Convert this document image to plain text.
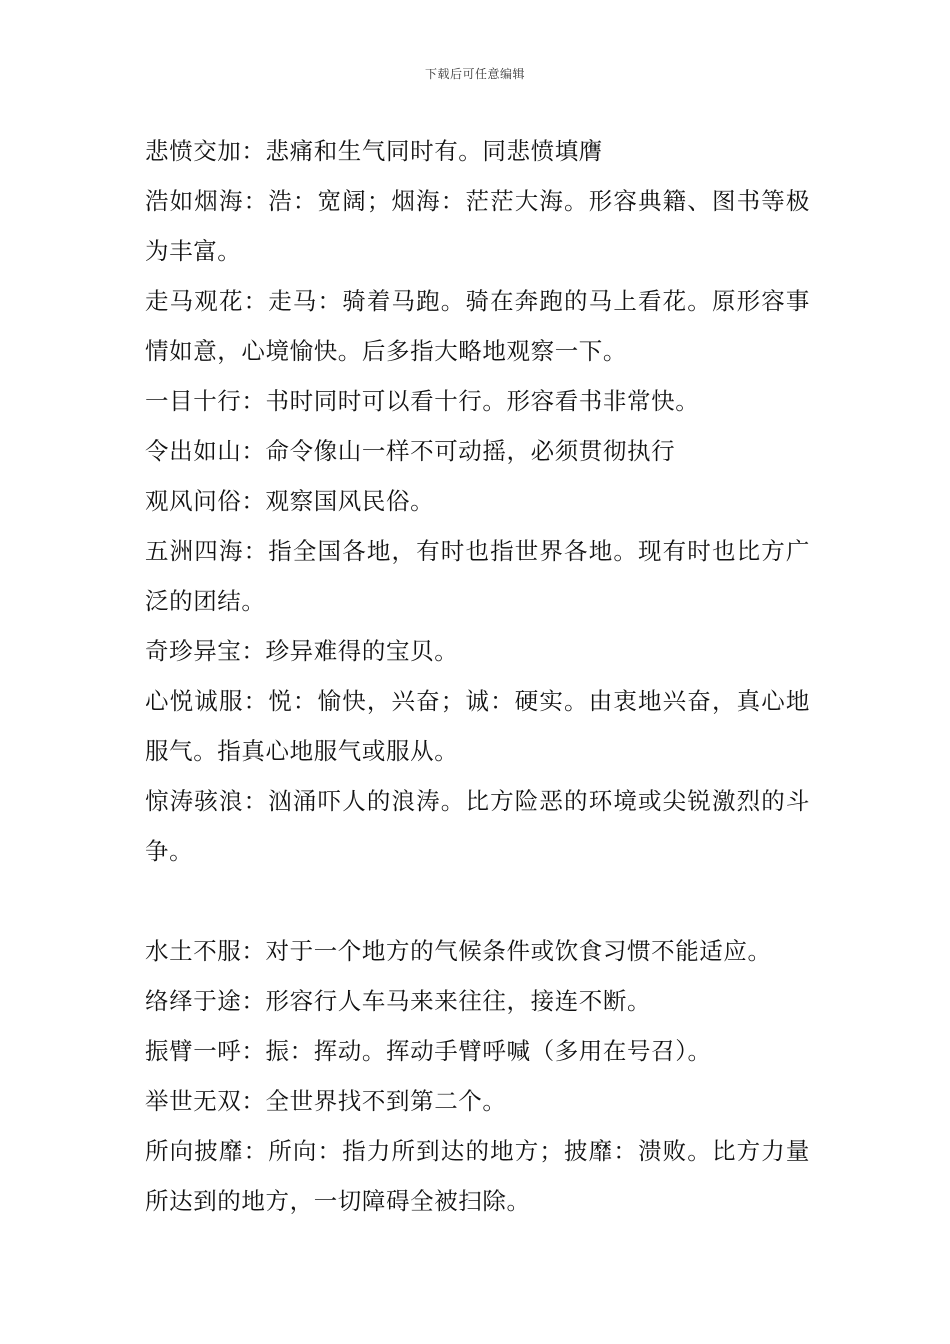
下载后可任意编辑

悲愤交加：悲痛和生气同时有。同悲愤填膺

浩如烟海：浩：宽阔；烟海：茫茫大海。形容典籍、图书等极为丰富。

走马观花：走马：骑着马跑。骑在奔跑的马上看花。原形容事情如意，心境愉快。后多指大略地观察一下。

一目十行：书时同时可以看十行。形容看书非常快。

令出如山：命令像山一样不可动摇，必须贯彻执行

观风问俗：观察国风民俗。

五洲四海：指全国各地，有时也指世界各地。现有时也比方广泛的团结。

奇珍异宝：珍异难得的宝贝。

心悦诚服：悦：愉快，兴奋；诚：硬实。由衷地兴奋，真心地服气。指真心地服气或服从。

惊涛骇浪：汹涌吓人的浪涛。比方险恶的环境或尖锐激烈的斗争。

水土不服：对于一个地方的气候条件或饮食习惯不能适应。

络绎于途：形容行人车马来来往往，接连不断。

振臂一呼：振：挥动。挥动手臂呼喊（多用在号召）。

举世无双：全世界找不到第二个。

所向披靡：所向：指力所到达的地方；披靡：溃败。比方力量所达到的地方，一切障碍全被扫除。
